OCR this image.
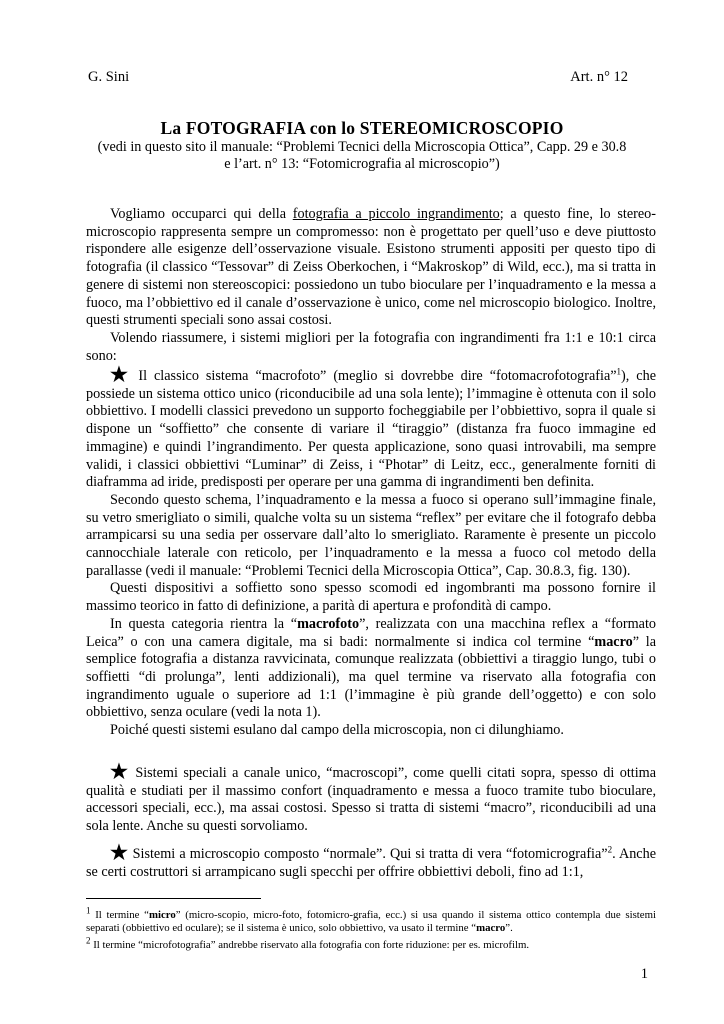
G. Sini	Art. n° 12
La FOTOGRAFIA con lo STEREOMICROSCOPIO
(vedi in questo sito il manuale: “Problemi Tecnici della Microscopia Ottica”, Capp. 29 e 30.8
e l’art. n° 13: “Fotomicrografia al microscopio”)

Vogliamo occuparci qui della fotografia a piccolo ingrandimento; a questo fine, lo stereo-microscopio rappresenta sempre un compromesso: non è progettato per quell’uso e deve piuttosto rispondere alle esigenze dell’osservazione visuale. Esistono strumenti appositi per questo tipo di fotografia (il classico “Tessovar” di Zeiss Oberkochen, i “Makroskop” di Wild, ecc.), ma si tratta in genere di sistemi non stereoscopici: possiedono un tubo bioculare per l’inquadramento e la messa a fuoco, ma l’obbiettivo ed il canale d’osservazione è unico, come nel microscopio biologico. Inoltre, questi strumenti speciali sono assai costosi.

Volendo riassumere, i sistemi migliori per la fotografia con ingrandimenti fra 1:1 e 10:1 circa sono:

★ Il classico sistema “macrofoto” (meglio si dovrebbe dire “fotomacrofotografia”$^1$), che possiede un sistema ottico unico (riconducibile ad una sola lente); l’immagine è ottenuta con il solo obbiettivo. I modelli classici prevedono un supporto focheggiabile per l’obbiettivo, sopra il quale si dispone un “soffietto” che consente di variare il “tiraggio” (distanza fra fuoco immagine ed immagine) e quindi l’ingrandimento. Per questa applicazione, sono quasi introvabili, ma sempre validi, i classici obbiettivi “Luminar” di Zeiss, i “Photar” di Leitz, ecc., generalmente forniti di diaframma ad iride, predisposti per operare per una gamma di ingrandimenti ben definita.

Secondo questo schema, l’inquadramento e la messa a fuoco si operano sull’immagine finale, su vetro smerigliato o simili, qualche volta su un sistema “reflex” per evitare che il fotografo debba arrampicarsi su una sedia per osservare dall’alto lo smerigliato. Raramente è presente un piccolo cannocchiale laterale con reticolo, per l’inquadramento e la messa a fuoco col metodo della parallasse (vedi il manuale: “Problemi Tecnici della Microscopia Ottica”, Cap. 30.8.3, fig. 130).

Questi dispositivi a soffietto sono spesso scomodi ed ingombranti ma possono fornire il massimo teorico in fatto di definizione, a parità di apertura e profondità di campo.

In questa categoria rientra la “macrofoto”, realizzata con una macchina reflex a “formato Leica” o con una camera digitale, ma si badi: normalmente si indica col termine “macro” la semplice fotografia a distanza ravvicinata, comunque realizzata (obbiettivi a tiraggio lungo, tubi o soffietti “di prolunga”, lenti addizionali), ma quel termine va riservato alla fotografia con ingrandimento uguale o superiore ad 1:1 (l’immagine è più grande dell’oggetto) e con solo obbiettivo, senza oculare (vedi la nota 1).

Poiché questi sistemi esulano dal campo della microscopia, non ci dilunghiamo.

★ Sistemi speciali a canale unico, “macroscopi”, come quelli citati sopra, spesso di ottima qualità e studiati per il massimo confort (inquadramento e messa a fuoco tramite tubo bioculare, accessori speciali, ecc.), ma assai costosi. Spesso si tratta di sistemi “macro”, riconducibili ad una sola lente. Anche su questi sorvoliamo.

★ Sistemi a microscopio composto “normale”. Qui si tratta di vera “fotomicrografia”$^2$. Anche se certi costruttori si arrampicano sugli specchi per offrire obbiettivi deboli, fino ad 1:1,

$^1$ Il termine “micro” (micro-scopio, micro-foto, fotomicro-grafia, ecc.) si usa quando il sistema ottico contempla due sistemi separati (obbiettivo ed oculare); se il sistema è unico, solo obbiettivo, va usato il termine “macro”.
$^2$ Il termine “microfotografia” andrebbe riservato alla fotografia con forte riduzione: per es. microfilm.
1
